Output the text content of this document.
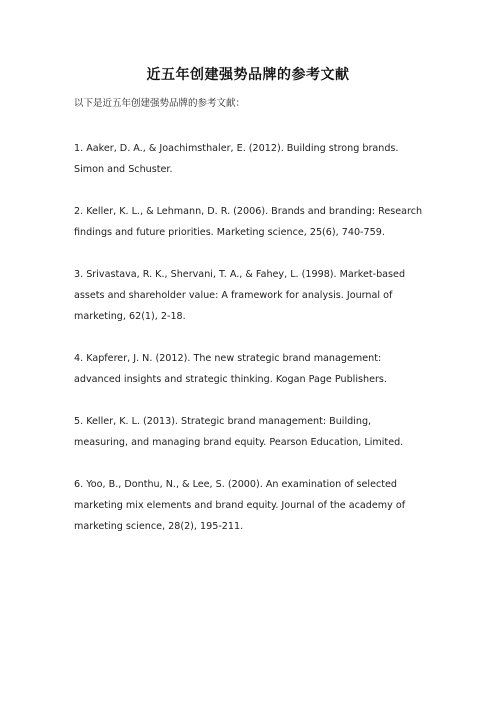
近五年创建强势品牌的参考文献
以下是近五年创建强势品牌的参考文献：

1. Aaker, D. A., & Joachimsthaler, E. (2012). Building strong brands. Simon and Schuster.

2. Keller, K. L., & Lehmann, D. R. (2006). Brands and branding: Research findings and future priorities. Marketing science, 25(6), 740-759.

3. Srivastava, R. K., Shervani, T. A., & Fahey, L. (1998). Market-based assets and shareholder value: A framework for analysis. Journal of marketing, 62(1), 2-18.

4. Kapferer, J. N. (2012). The new strategic brand management: advanced insights and strategic thinking. Kogan Page Publishers.

5. Keller, K. L. (2013). Strategic brand management: Building, measuring, and managing brand equity. Pearson Education, Limited.

6. Yoo, B., Donthu, N., & Lee, S. (2000). An examination of selected marketing mix elements and brand equity. Journal of the academy of marketing science, 28(2), 195-211.
